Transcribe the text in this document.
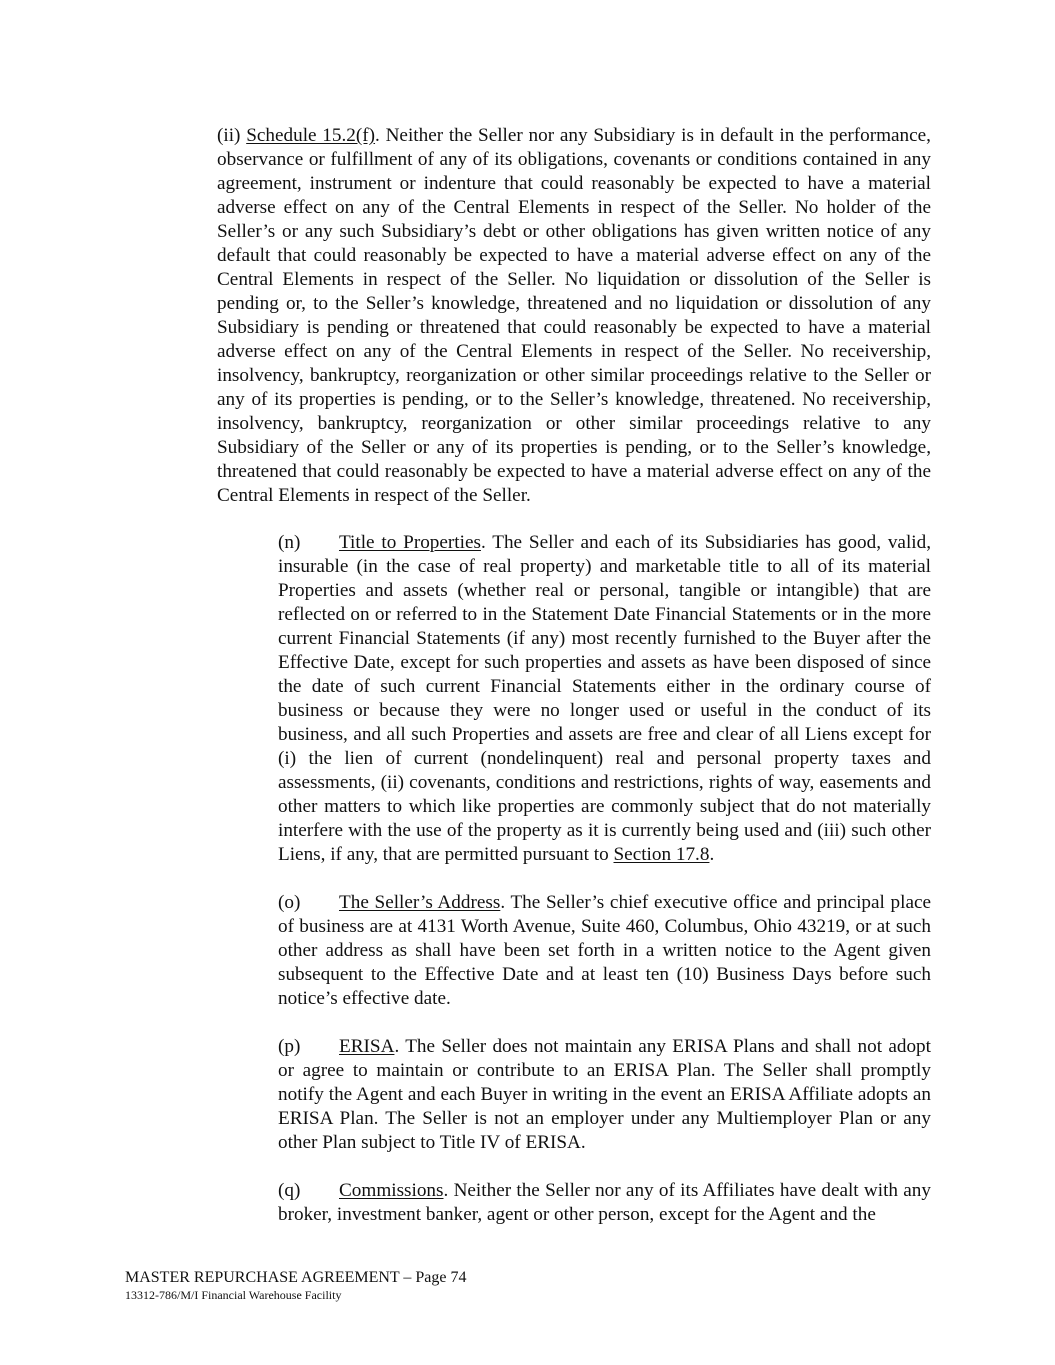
(ii) Schedule 15.2(f). Neither the Seller nor any Subsidiary is in default in the performance, observance or fulfillment of any of its obligations, covenants or conditions contained in any agreement, instrument or indenture that could reasonably be expected to have a material adverse effect on any of the Central Elements in respect of the Seller. No holder of the Seller’s or any such Subsidiary’s debt or other obligations has given written notice of any default that could reasonably be expected to have a material adverse effect on any of the Central Elements in respect of the Seller. No liquidation or dissolution of the Seller is pending or, to the Seller’s knowledge, threatened and no liquidation or dissolution of any Subsidiary is pending or threatened that could reasonably be expected to have a material adverse effect on any of the Central Elements in respect of the Seller. No receivership, insolvency, bankruptcy, reorganization or other similar proceedings relative to the Seller or any of its properties is pending, or to the Seller’s knowledge, threatened. No receivership, insolvency, bankruptcy, reorganization or other similar proceedings relative to any Subsidiary of the Seller or any of its properties is pending, or to the Seller’s knowledge, threatened that could reasonably be expected to have a material adverse effect on any of the Central Elements in respect of the Seller.

(n) Title to Properties. The Seller and each of its Subsidiaries has good, valid, insurable (in the case of real property) and marketable title to all of its material Properties and assets (whether real or personal, tangible or intangible) that are reflected on or referred to in the Statement Date Financial Statements or in the more current Financial Statements (if any) most recently furnished to the Buyer after the Effective Date, except for such properties and assets as have been disposed of since the date of such current Financial Statements either in the ordinary course of business or because they were no longer used or useful in the conduct of its business, and all such Properties and assets are free and clear of all Liens except for (i) the lien of current (nondelinquent) real and personal property taxes and assessments, (ii) covenants, conditions and restrictions, rights of way, easements and other matters to which like properties are commonly subject that do not materially interfere with the use of the property as it is currently being used and (iii) such other Liens, if any, that are permitted pursuant to Section 17.8.

(o) The Seller’s Address. The Seller’s chief executive office and principal place of business are at 4131 Worth Avenue, Suite 460, Columbus, Ohio 43219, or at such other address as shall have been set forth in a written notice to the Agent given subsequent to the Effective Date and at least ten (10) Business Days before such notice’s effective date.

(p) ERISA. The Seller does not maintain any ERISA Plans and shall not adopt or agree to maintain or contribute to an ERISA Plan. The Seller shall promptly notify the Agent and each Buyer in writing in the event an ERISA Affiliate adopts an ERISA Plan. The Seller is not an employer under any Multiemployer Plan or any other Plan subject to Title IV of ERISA.

(q) Commissions. Neither the Seller nor any of its Affiliates have dealt with any broker, investment banker, agent or other person, except for the Agent and the

MASTER REPURCHASE AGREEMENT – Page 74
13312-786/M/I Financial Warehouse Facility
